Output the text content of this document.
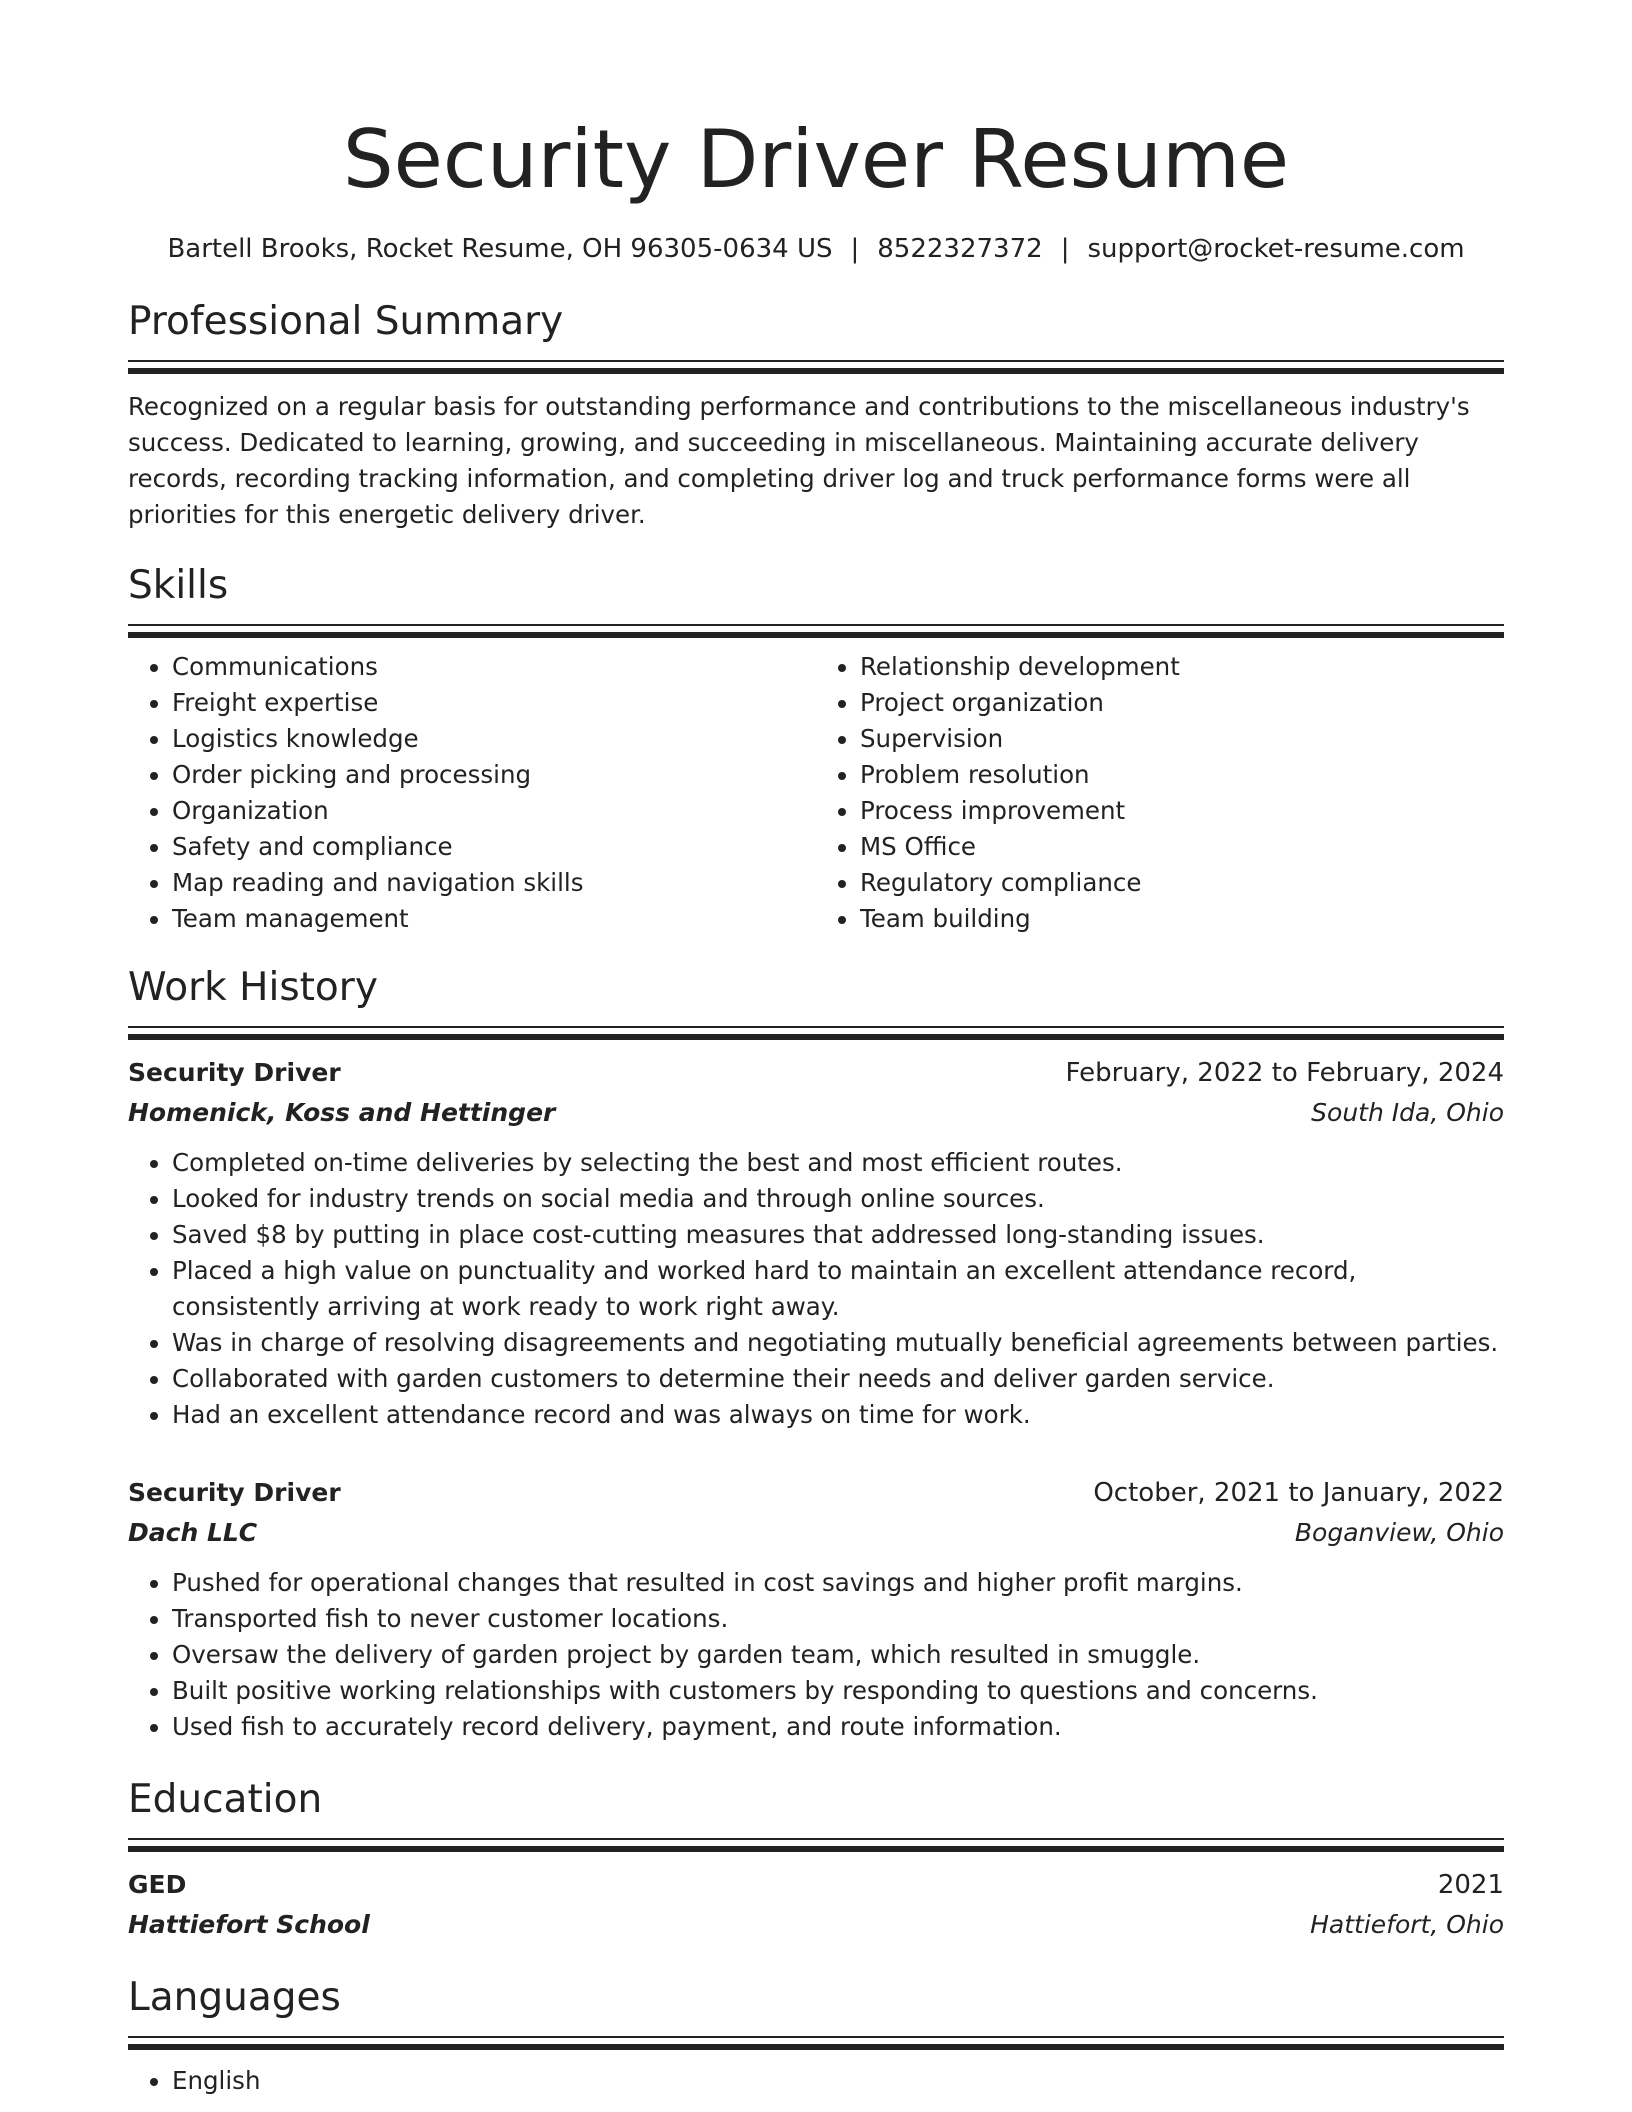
Security Driver Resume
Bartell Brooks, Rocket Resume, OH 96305-0634 US | 8522327372 | support@rocket-resume.com
Professional Summary

Recognized on a regular basis for outstanding performance and contributions to the miscellaneous industry's success. Dedicated to learning, growing, and succeeding in miscellaneous. Maintaining accurate delivery records, recording tracking information, and completing driver log and truck performance forms were all priorities for this energetic delivery driver.

Skills
• Communications
• Freight expertise
• Logistics knowledge
• Order picking and processing
• Organization
• Safety and compliance
• Map reading and navigation skills
• Team management
• Relationship development
• Project organization
• Supervision
• Problem resolution
• Process improvement
• MS Office
• Regulatory compliance
• Team building
Work History
Security Driver	February, 2022 to February, 2024
Homenick, Koss and Hettinger	South Ida, Ohio
• Completed on-time deliveries by selecting the best and most efficient routes.
• Looked for industry trends on social media and through online sources.
• Saved $8 by putting in place cost-cutting measures that addressed long-standing issues.
• Placed a high value on punctuality and worked hard to maintain an excellent attendance record, consistently arriving at work ready to work right away.
• Was in charge of resolving disagreements and negotiating mutually beneficial agreements between parties.
• Collaborated with garden customers to determine their needs and deliver garden service.
• Had an excellent attendance record and was always on time for work.
Security Driver	October, 2021 to January, 2022
Dach LLC	Boganview, Ohio
• Pushed for operational changes that resulted in cost savings and higher profit margins.
• Transported fish to never customer locations.
• Oversaw the delivery of garden project by garden team, which resulted in smuggle.
• Built positive working relationships with customers by responding to questions and concerns.
• Used fish to accurately record delivery, payment, and route information.
Education
GED	2021
Hattiefort School	Hattiefort, Ohio
Languages
• English
